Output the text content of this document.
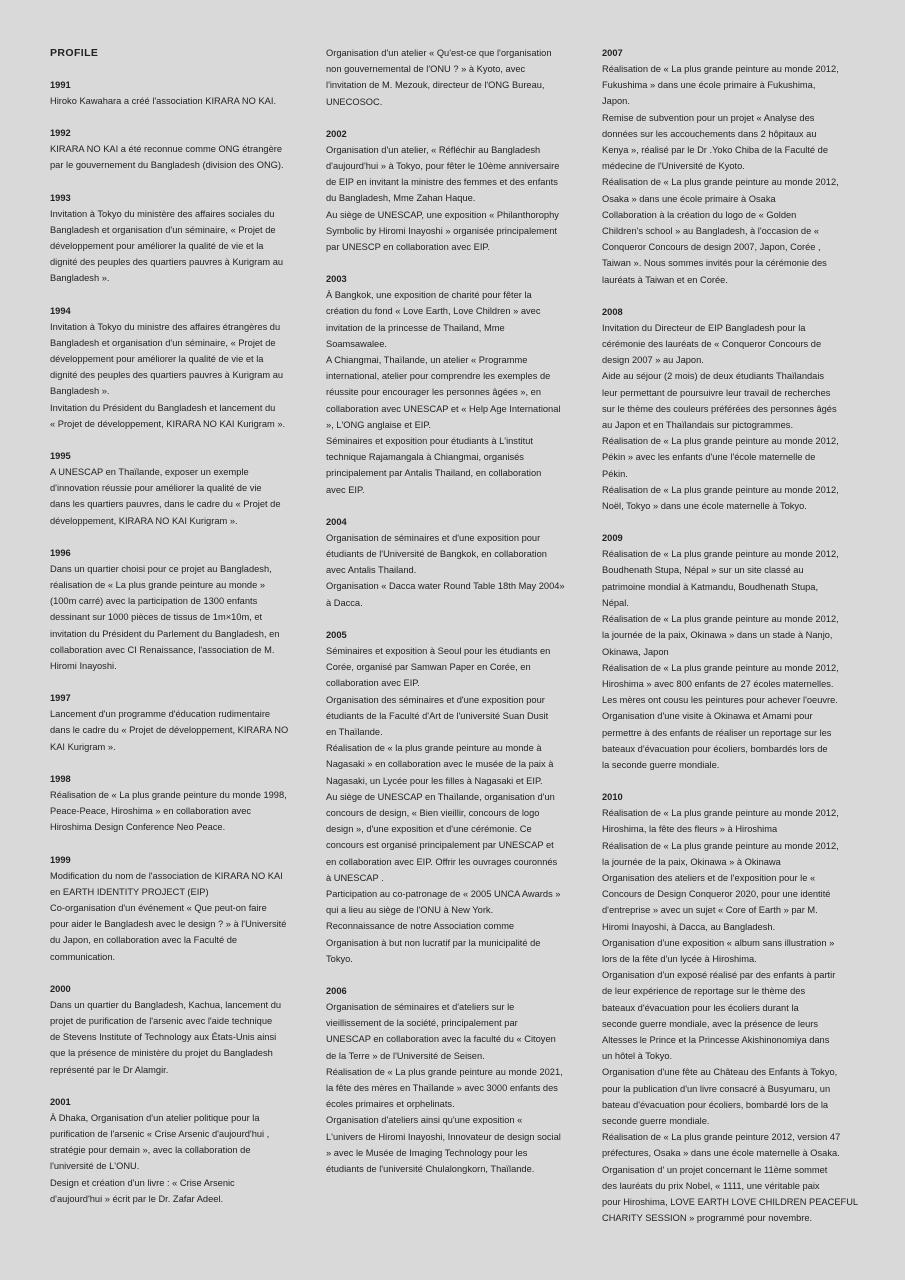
PROFILE
1991
Hiroko Kawahara a créé l'association KIRARA NO KAI.
1992
KIRARA NO KAI a été reconnue comme ONG étrangère
par le gouvernement du Bangladesh (division des ONG).
1993
Invitation à Tokyo du ministère des affaires sociales du
Bangladesh et organisation d'un séminaire, « Projet de
développement pour améliorer la qualité de vie et la
dignité des peuples des quartiers pauvres à Kurigram au
Bangladesh ».
1994
Invitation à Tokyo du ministre des affaires étrangères du
Bangladesh et organisation d'un séminaire, « Projet de
développement pour améliorer la qualité de vie et la
dignité des peuples des quartiers pauvres à Kurigram au
Bangladesh ».
Invitation du Président du Bangladesh et lancement du
« Projet de développement, KIRARA NO KAI Kurigram ».
1995
A UNESCAP en Thaïlande, exposer un exemple
d'innovation réussie pour améliorer la qualité de vie
dans les quartiers pauvres, dans le cadre du « Projet de
développement, KIRARA NO KAI Kurigram ».
1996
Dans un quartier choisi pour ce projet au Bangladesh,
réalisation de « La plus grande peinture au monde »
(100m carré) avec la participation de 1300 enfants
dessinant sur 1000 pièces de tissus de 1m×10m, et
invitation du Président du Parlement du Bangladesh, en
collaboration avec CI Renaissance, l'association de M.
Hiromi Inayoshi.
1997
Lancement d'un programme d'éducation rudimentaire
dans le cadre du « Projet de développement, KIRARA NO
KAI Kurigram ».
1998
Réalisation de « La plus grande peinture du monde 1998,
Peace-Peace, Hiroshima » en collaboration avec
Hiroshima Design Conference Neo Peace.
1999
Modification du nom de l'association de KIRARA NO KAI
en EARTH IDENTITY PROJECT (EIP)
Co-organisation d'un événement « Que peut-on faire
pour aider le Bangladesh avec le design ? » à l'Université
du Japon, en collaboration avec la Faculté de
communication.
2000
Dans un quartier du Bangladesh, Kachua, lancement du
projet de purification de l'arsenic avec l'aide technique
de Stevens Institute of Technology aux États-Unis ainsi
que la présence de ministère du projet du Bangladesh
représenté par le Dr Alamgir.
2001
À Dhaka, Organisation d'un atelier politique pour la
purification de l'arsenic « Crise Arsenic d'aujourd'hui ,
stratégie pour demain », avec la collaboration de
l'université de L'ONU.
Design et création d'un livre : « Crise Arsenic
d'aujourd'hui » écrit par le Dr. Zafar Adeel.
Organisation d'un atelier « Qu'est-ce que l'organisation
non gouvernemental de l'ONU ? » à Kyoto, avec
l'invitation de M. Mezouk, directeur de l'ONG Bureau,
UNECOSOC.
2002
Organisation d'un atelier, « Réfléchir au Bangladesh
d'aujourd'hui » à Tokyo, pour fêter le 10ème anniversaire
de EIP en invitant la ministre des femmes et des enfants
du Bangladesh, Mme Zahan Haque.
Au siège de UNESCAP, une exposition « Philanthorophy
Symbolic by Hiromi Inayoshi » organisée principalement
par UNESCP en collaboration avec EIP.
2003
À Bangkok, une exposition de charité pour fêter la
création du fond « Love Earth, Love Children » avec
invitation de la princesse de Thailand, Mme
Soamsawalee.
A Chiangmai, Thaïlande, un atelier « Programme
international, atelier pour comprendre les exemples de
réussite pour encourager les personnes âgées », en
collaboration avec UNESCAP et « Help Age International
», L'ONG anglaise et EIP.
Séminaires et exposition pour étudiants à L'institut
technique Rajamangala à Chiangmai, organisés
principalement par Antalis Thailand, en collaboration
avec EIP.
2004
Organisation de séminaires et d'une exposition pour
étudiants de l'Université de Bangkok, en collaboration
avec Antalis Thailand.
Organisation « Dacca water Round Table 18th May 2004»
à Dacca.
2005
Séminaires et exposition à Seoul pour les étudiants en
Corée, organisé par Samwan Paper en Corée, en
collaboration avec EIP.
Organisation des séminaires et d'une exposition pour
étudiants de la Faculté d'Art de l'université Suan Dusit
en Thaïlande.
Réalisation de « la plus grande peinture au monde à
Nagasaki » en collaboration avec le musée de la paix à
Nagasaki, un Lycée pour les filles à Nagasaki et EIP.
Au siège de UNESCAP en Thaïlande, organisation d'un
concours de design, « Bien vieillir, concours de logo
design », d'une exposition et d'une cérémonie. Ce
concours est organisé principalement par UNESCAP et
en collaboration avec EIP. Offrir les ouvrages couronnés
à UNESCAP .
Participation au co-patronage de « 2005 UNCA Awards »
qui a lieu au siège de l'ONU à New York.
Reconnaissance de notre Association comme
Organisation à but non lucratif par la municipalité de
Tokyo.
2006
Organisation de séminaires et d'ateliers sur le
vieillissement de la société, principalement par
UNESCAP en collaboration avec la faculté du « Citoyen
de la Terre » de l'Université de Seisen.
Réalisation de « La plus grande peinture au monde 2021,
la fête des mères en Thaïlande » avec 3000 enfants des
écoles primaires et orphelinats.
Organisation d'ateliers ainsi qu'une exposition «
L'univers de Hiromi Inayoshi, Innovateur de design social
» avec le Musée de Imaging Technology pour les
étudiants de l'université Chulalongkorn, Thaïlande.
2007
Réalisation de « La plus grande peinture au monde 2012,
Fukushima » dans une école primaire à Fukushima,
Japon.
Remise de subvention pour un projet « Analyse des
données sur les accouchements dans 2 hôpitaux au
Kenya », réalisé par le Dr .Yoko Chiba de la Faculté de
médecine de l'Université de Kyoto.
Réalisation de « La plus grande peinture au monde 2012,
Osaka » dans une école primaire à Osaka
Collaboration à la création du logo de « Golden
Children's school » au Bangladesh, à l'occasion de «
Conqueror Concours de design 2007, Japon, Corée ,
Taiwan ». Nous sommes invités pour la cérémonie des
lauréats à Taiwan et en Corée.
2008
Invitation du Directeur de EIP Bangladesh pour la
cérémonie des lauréats de « Conqueror Concours de
design 2007 » au Japon.
Aide au séjour (2 mois) de deux étudiants Thaïlandais
leur permettant de poursuivre leur travail de recherches
sur le thème des couleurs préférées des personnes âgés
au Japon et en Thaïlandais sur pictogrammes.
Réalisation de « La plus grande peinture au monde 2012,
Pékin » avec les enfants d'une l'école maternelle de
Pékin.
Réalisation de « La plus grande peinture au monde 2012,
Noël, Tokyo » dans une école maternelle à Tokyo.
2009
Réalisation de « La plus grande peinture au monde 2012,
Boudhenath Stupa, Népal » sur un site classé au
patrimoine mondial à Katmandu, Boudhenath Stupa,
Népal.
Réalisation de « La plus grande peinture au monde 2012,
la journée de la paix, Okinawa » dans un stade à Nanjo,
Okinawa, Japon
Réalisation de « La plus grande peinture au monde 2012,
Hiroshima » avec 800 enfants de 27 écoles maternelles.
Les mères ont cousu les peintures pour achever l'oeuvre.
Organisation d'une visite à Okinawa et Amami pour
permettre à des enfants de réaliser un reportage sur les
bateaux d'évacuation pour écoliers, bombardés lors de
la seconde guerre mondiale.
2010
Réalisation de « La plus grande peinture au monde 2012,
Hiroshima, la fête des fleurs » à Hiroshima
Réalisation de « La plus grande peinture au monde 2012,
la journée de la paix, Okinawa » à Okinawa
Organisation des ateliers et de l'exposition pour le «
Concours de Design Conqueror 2020, pour une identité
d'entreprise » avec un sujet « Core of Earth » par M.
Hiromi Inayoshi, à Dacca, au Bangladesh.
Organisation d'une exposition « album sans illustration »
lors de la fête d'un lycée à Hiroshima.
Organisation d'un exposé réalisé par des enfants à partir
de leur expérience de reportage sur le thème des
bateaux d'évacuation pour les écoliers durant la
seconde guerre mondiale, avec la présence de leurs
Altesses le Prince et la Princesse Akishinonomiya dans
un hôtel à Tokyo.
Organisation d'une fête au Château des Enfants à Tokyo,
pour la publication d'un livre consacré à Busyumaru, un
bateau d'évacuation pour écoliers, bombardé lors de la
seconde guerre mondiale.
Réalisation de « La plus grande peinture 2012, version 47
préfectures, Osaka » dans une école maternelle à Osaka.
Organisation d' un projet concernant le 11ème sommet
des lauréats du prix Nobel, « 1111, une véritable paix
pour Hiroshima, LOVE EARTH LOVE CHILDREN PEACEFUL
CHARITY SESSION » programmé pour novembre.
